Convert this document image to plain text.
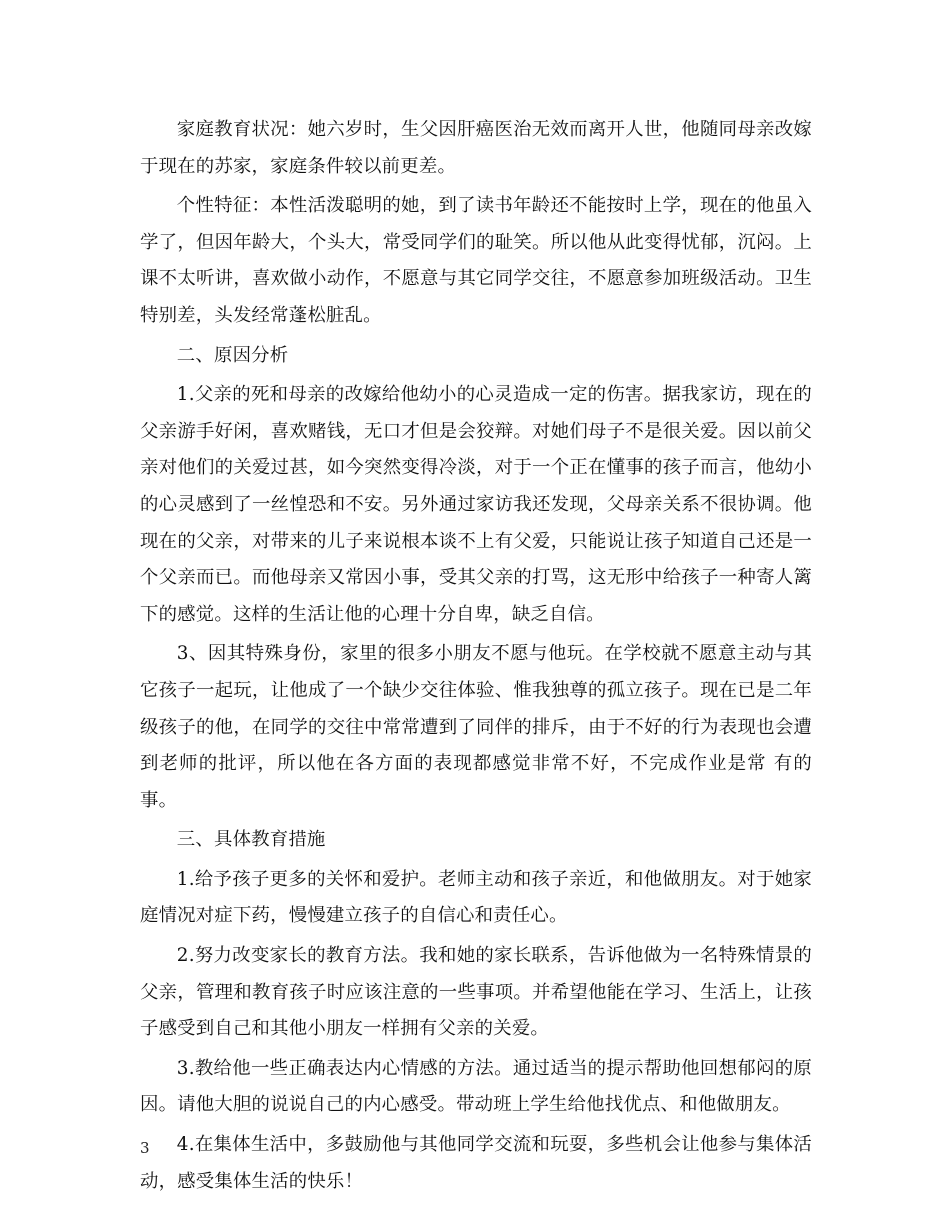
家庭教育状况：她六岁时，生父因肝癌医治无效而离开人世，他随同母亲改嫁于现在的苏家，家庭条件较以前更差。

个性特征：本性活泼聪明的她，到了读书年龄还不能按时上学，现在的他虽入学了，但因年龄大，个头大，常受同学们的耻笑。所以他从此变得忧郁，沉闷。上课不太听讲，喜欢做小动作，不愿意与其它同学交往，不愿意参加班级活动。卫生特别差，头发经常蓬松脏乱。

二、原因分析

1.父亲的死和母亲的改嫁给他幼小的心灵造成一定的伤害。据我家访，现在的父亲游手好闲，喜欢赌钱，无口才但是会狡辩。对她们母子不是很关爱。因以前父亲对他们的关爱过甚，如今突然变得冷淡，对于一个正在懂事的孩子而言，他幼小的心灵感到了一丝惶恐和不安。另外通过家访我还发现，父母亲关系不很协调。他现在的父亲，对带来的儿子来说根本谈不上有父爱，只能说让孩子知道自己还是一个父亲而已。而他母亲又常因小事，受其父亲的打骂，这无形中给孩子一种寄人篱下的感觉。这样的生活让他的心理十分自卑，缺乏自信。

3、因其特殊身份，家里的很多小朋友不愿与他玩。在学校就不愿意主动与其它孩子一起玩，让他成了一个缺少交往体验、惟我独尊的孤立孩子。现在已是二年级孩子的他，在同学的交往中常常遭到了同伴的排斥，由于不好的行为表现也会遭到老师的批评，所以他在各方面的表现都感觉非常不好，不完成作业是常 有的事。

三、具体教育措施

1.给予孩子更多的关怀和爱护。老师主动和孩子亲近，和他做朋友。对于她家庭情况对症下药，慢慢建立孩子的自信心和责任心。

2.努力改变家长的教育方法。我和她的家长联系，告诉他做为一名特殊情景的父亲，管理和教育孩子时应该注意的一些事项。并希望他能在学习、生活上，让孩子感受到自己和其他小朋友一样拥有父亲的关爱。

3.教给他一些正确表达内心情感的方法。通过适当的提示帮助他回想郁闷的原因。请他大胆的说说自己的内心感受。带动班上学生给他找优点、和他做朋友。

4.在集体生活中，多鼓励他与其他同学交流和玩耍，多些机会让他参与集体活动，感受集体生活的快乐！

3
